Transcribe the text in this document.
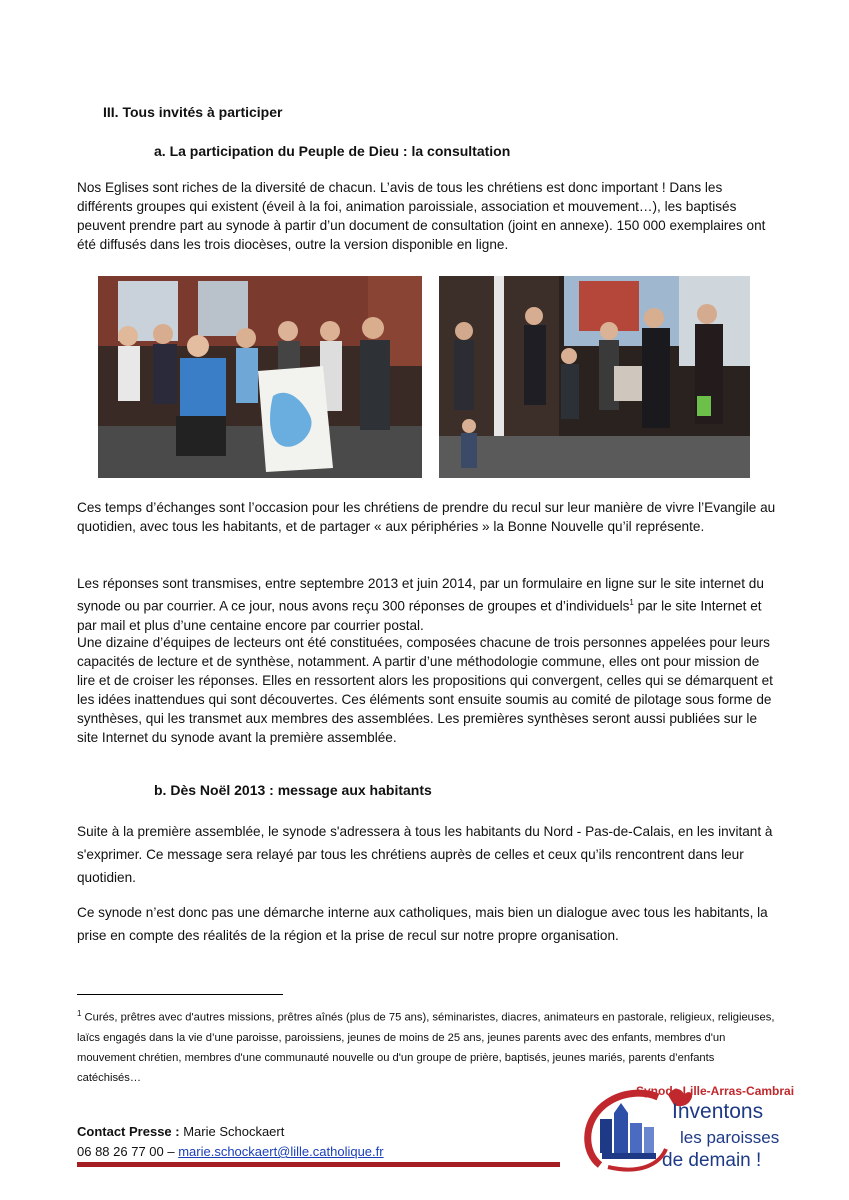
III. Tous invités à participer
a. La participation du Peuple de Dieu : la consultation
Nos Eglises sont riches de la diversité de chacun. L’avis de tous les chrétiens est donc important ! Dans les différents groupes qui existent (éveil à la foi, animation paroissiale, association et mouvement…), les baptisés peuvent prendre part au synode à partir d’un document de consultation (joint en annexe). 150 000 exemplaires ont été diffusés dans les trois diocèses, outre la version disponible en ligne.
Ces temps d’échanges sont l’occasion pour les chrétiens de prendre du recul sur leur manière de vivre l’Evangile au quotidien, avec tous les habitants, et de partager « aux périphéries » la Bonne Nouvelle qu’il représente.
Les réponses sont transmises, entre septembre 2013 et juin 2014, par un formulaire en ligne sur le site internet du synode ou par courrier. A ce jour, nous avons reçu 300 réponses de groupes et d’individuels$^1$ par le site Internet et par mail et plus d’une centaine encore par courrier postal.
Une dizaine d’équipes de lecteurs ont été constituées, composées chacune de trois personnes appelées pour leurs capacités de lecture et de synthèse, notamment. A partir d’une méthodologie commune, elles ont pour mission de lire et de croiser les réponses. Elles en ressortent alors les propositions qui convergent, celles qui se démarquent et les idées inattendues qui sont découvertes. Ces éléments sont ensuite soumis au comité de pilotage sous forme de synthèses, qui les transmet aux membres des assemblées. Les premières synthèses seront aussi publiées sur le site Internet du synode avant la première assemblée.
b. Dès Noël 2013 : message aux habitants
Suite à la première assemblée, le synode s'adressera à tous les habitants du Nord - Pas-de-Calais, en les invitant à s'exprimer. Ce message sera relayé par tous les chrétiens auprès de celles et ceux qu’ils rencontrent dans leur quotidien.
Ce synode n’est donc pas une démarche interne aux catholiques, mais bien un dialogue avec tous les habitants, la prise en compte des réalités de la région et la prise de recul sur notre propre organisation.
$^1$ Curés, prêtres avec d'autres missions, prêtres aînés (plus de 75 ans), séminaristes, diacres, animateurs en pastorale, religieux, religieuses, laïcs engagés dans la vie d’une paroisse, paroissiens, jeunes de moins de 25 ans, jeunes parents avec des enfants, membres d'un mouvement chrétien, membres d'une communauté nouvelle ou d'un groupe de prière, baptisés, jeunes mariés, parents d’enfants catéchisés…
Contact Presse : Marie Schockaert
06 88 26 77 00 – marie.schockaert@lille.catholique.fr
Synode Lille-Arras-Cambrai
Inventons
les paroisses
de demain !
